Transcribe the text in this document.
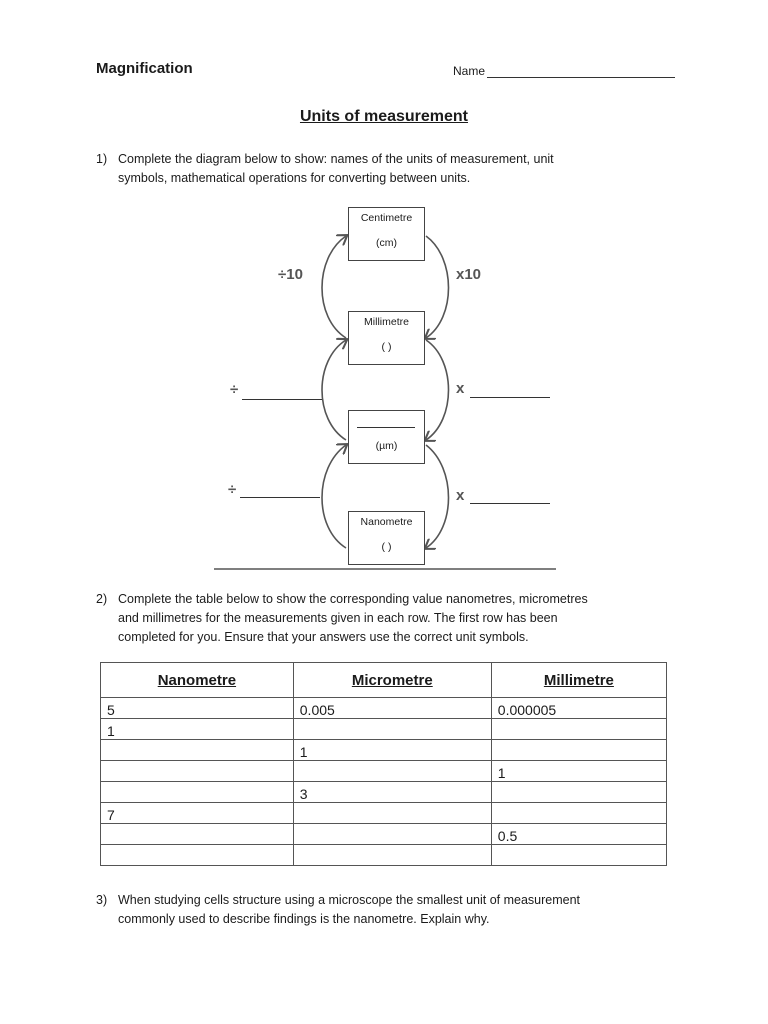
Magnification	Name
Units of measurement
1) Complete the diagram below to show: names of the units of measurement, unit
symbols, mathematical operations for converting between units.
Centimetre
(cm)
Millimetre
( )
(µm)
Nanometre
( )
÷10	x10
÷	x
÷	x
2) Complete the table below to show the corresponding value nanometres, micrometres
and millimetres for the measurements given in each row. The first row has been
completed for you. Ensure that your answers use the correct unit symbols.
Nanometre	Micrometre	Millimetre
5	0.005	0.000005
1		
	1	
		1
	3	
7		
		0.5

3) When studying cells structure using a microscope the smallest unit of measurement
commonly used to describe findings is the nanometre. Explain why.
